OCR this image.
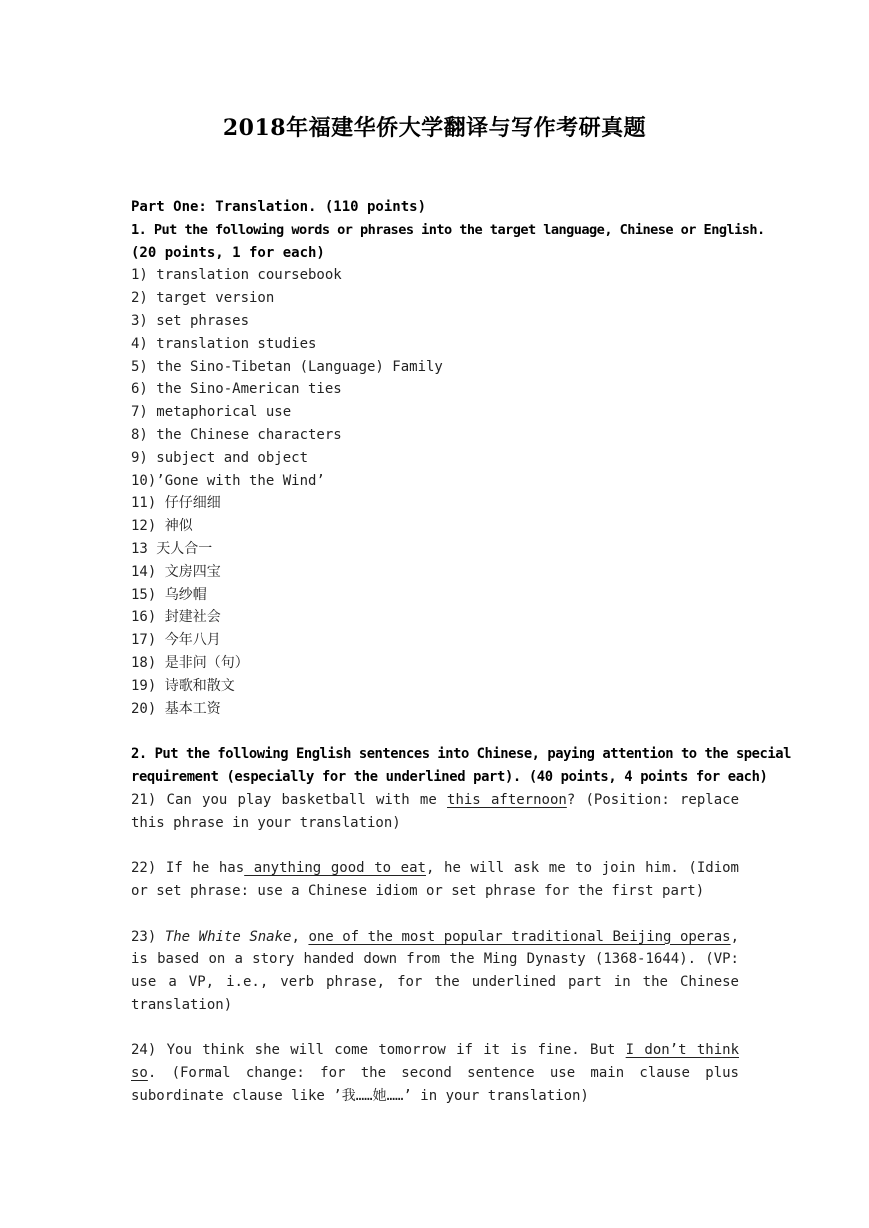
2018年福建华侨大学翻译与写作考研真题
Part One: Translation. (110 points)
1. Put the following words or phrases into the target language, Chinese or English.
(20 points, 1 for each)
1) translation coursebook
2) target version
3) set phrases
4) translation studies
5) the Sino-Tibetan (Language) Family
6) the Sino-American ties
7) metaphorical use
8) the Chinese characters
9) subject and object
10)’Gone with the Wind’
11) 仔仔细细
12) 神似
13 天人合一
14) 文房四宝
15) 乌纱帽
16) 封建社会
17) 今年八月
18) 是非问（句）
19) 诗歌和散文
20) 基本工资
2. Put the following English sentences into Chinese, paying attention to the special
requirement (especially for the underlined part). (40 points, 4 points for each)
21) Can you play basketball with me this afternoon? (Position: replace this phrase in your translation)
22) If he has anything good to eat, he will ask me to join him. (Idiom or set phrase: use a Chinese idiom or set phrase for the first part)
23) The White Snake, one of the most popular traditional Beijing operas, is based on a story handed down from the Ming Dynasty (1368-1644). (VP: use a VP, i.e., verb phrase, for the underlined part in the Chinese translation)
24) You think she will come tomorrow if it is fine. But I don’t think so. (Formal change: for the second sentence use main clause plus subordinate clause like ’我……她……’ in your translation)
